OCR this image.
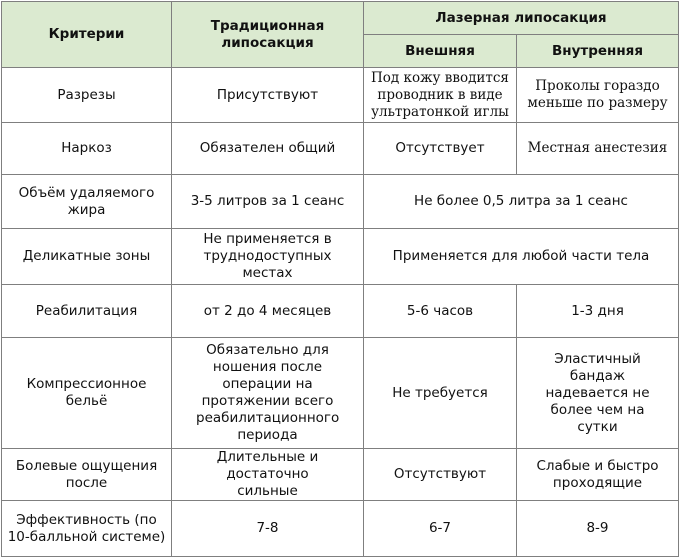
Критерии	Традиционная липосакция	Лазерная липосакция	
		Внешняя	Внутренняя
Разрезы	Присутствуют	Под кожу вводится проводник в виде ультратонкой иглы	Проколы гораздо меньше по размеру
Наркоз	Обязателен общий	Отсутствует	Местная анестезия
Объём удаляемого жира	3-5 литров за 1 сеанс	Не более 0,5 литра за 1 сеанс	
Деликатные зоны	Не применяется в труднодоступных местах	Применяется для любой части тела	
Реабилитация	от 2 до 4 месяцев	5-6 часов	1-3 дня
Компрессионное бельё	Обязательно для ношения после операции на протяжении всего реабилитационного периода	Не требуется	Эластичный бандаж надевается не более чем на сутки
Болевые ощущения после	Длительные и достаточно сильные	Отсутствуют	Слабые и быстро проходящие
Эффективность (по 10-балльной системе)	7-8	6-7	8-9
